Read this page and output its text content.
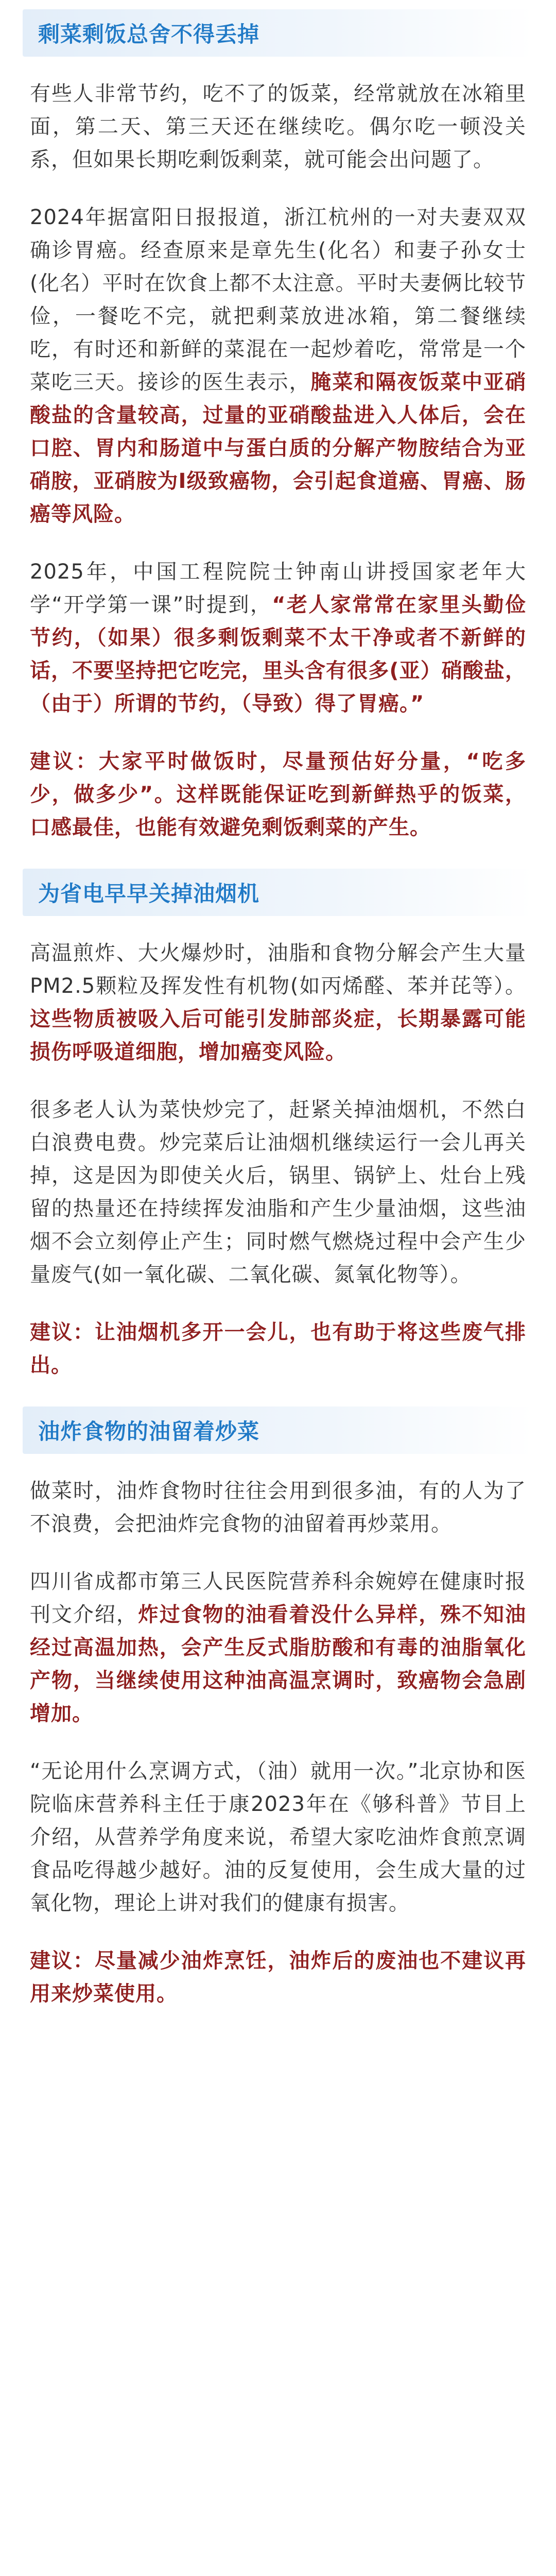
剩菜剩饭总舍不得丢掉

有些人非常节约，吃不了的饭菜，经常就放在冰箱里面，第二天、第三天还在继续吃。偶尔吃一顿没关系，但如果长期吃剩饭剩菜，就可能会出问题了。

2024年据富阳日报报道，浙江杭州的一对夫妻双双确诊胃癌。经查原来是章先生(化名）和妻子孙女士(化名）平时在饮食上都不太注意。平时夫妻俩比较节俭，一餐吃不完，就把剩菜放进冰箱，第二餐继续吃，有时还和新鲜的菜混在一起炒着吃，常常是一个菜吃三天。接诊的医生表示，腌菜和隔夜饭菜中亚硝酸盐的含量较高，过量的亚硝酸盐进入人体后，会在口腔、胃内和肠道中与蛋白质的分解产物胺结合为亚硝胺，亚硝胺为I级致癌物，会引起食道癌、胃癌、肠癌等风险。

2025年，中国工程院院士钟南山讲授国家老年大学“开学第一课”时提到，“老人家常常在家里头勤俭节约，（如果）很多剩饭剩菜不太干净或者不新鲜的话，不要坚持把它吃完，里头含有很多(亚）硝酸盐，（由于）所谓的节约，（导致）得了胃癌。”

建议：大家平时做饭时，尽量预估好分量，“吃多少，做多少”。这样既能保证吃到新鲜热乎的饭菜，口感最佳，也能有效避免剩饭剩菜的产生。

为省电早早关掉油烟机

高温煎炸、大火爆炒时，油脂和食物分解会产生大量PM2.5颗粒及挥发性有机物(如丙烯醛、苯并芘等）。这些物质被吸入后可能引发肺部炎症，长期暴露可能损伤呼吸道细胞，增加癌变风险。

很多老人认为菜快炒完了，赶紧关掉油烟机，不然白白浪费电费。炒完菜后让油烟机继续运行一会儿再关掉，这是因为即使关火后，锅里、锅铲上、灶台上残留的热量还在持续挥发油脂和产生少量油烟，这些油烟不会立刻停止产生；同时燃气燃烧过程中会产生少量废气(如一氧化碳、二氧化碳、氮氧化物等）。

建议：让油烟机多开一会儿，也有助于将这些废气排出。

油炸食物的油留着炒菜

做菜时，油炸食物时往往会用到很多油，有的人为了不浪费，会把油炸完食物的油留着再炒菜用。

四川省成都市第三人民医院营养科余婉婷在健康时报刊文介绍，炸过食物的油看着没什么异样，殊不知油经过高温加热，会产生反式脂肪酸和有毒的油脂氧化产物，当继续使用这种油高温烹调时，致癌物会急剧增加。

“无论用什么烹调方式，（油）就用一次。”北京协和医院临床营养科主任于康2023年在《够科普》节目上介绍，从营养学角度来说，希望大家吃油炸食煎烹调食品吃得越少越好。油的反复使用，会生成大量的过氧化物，理论上讲对我们的健康有损害。

建议：尽量减少油炸烹饪，油炸后的废油也不建议再用来炒菜使用。
